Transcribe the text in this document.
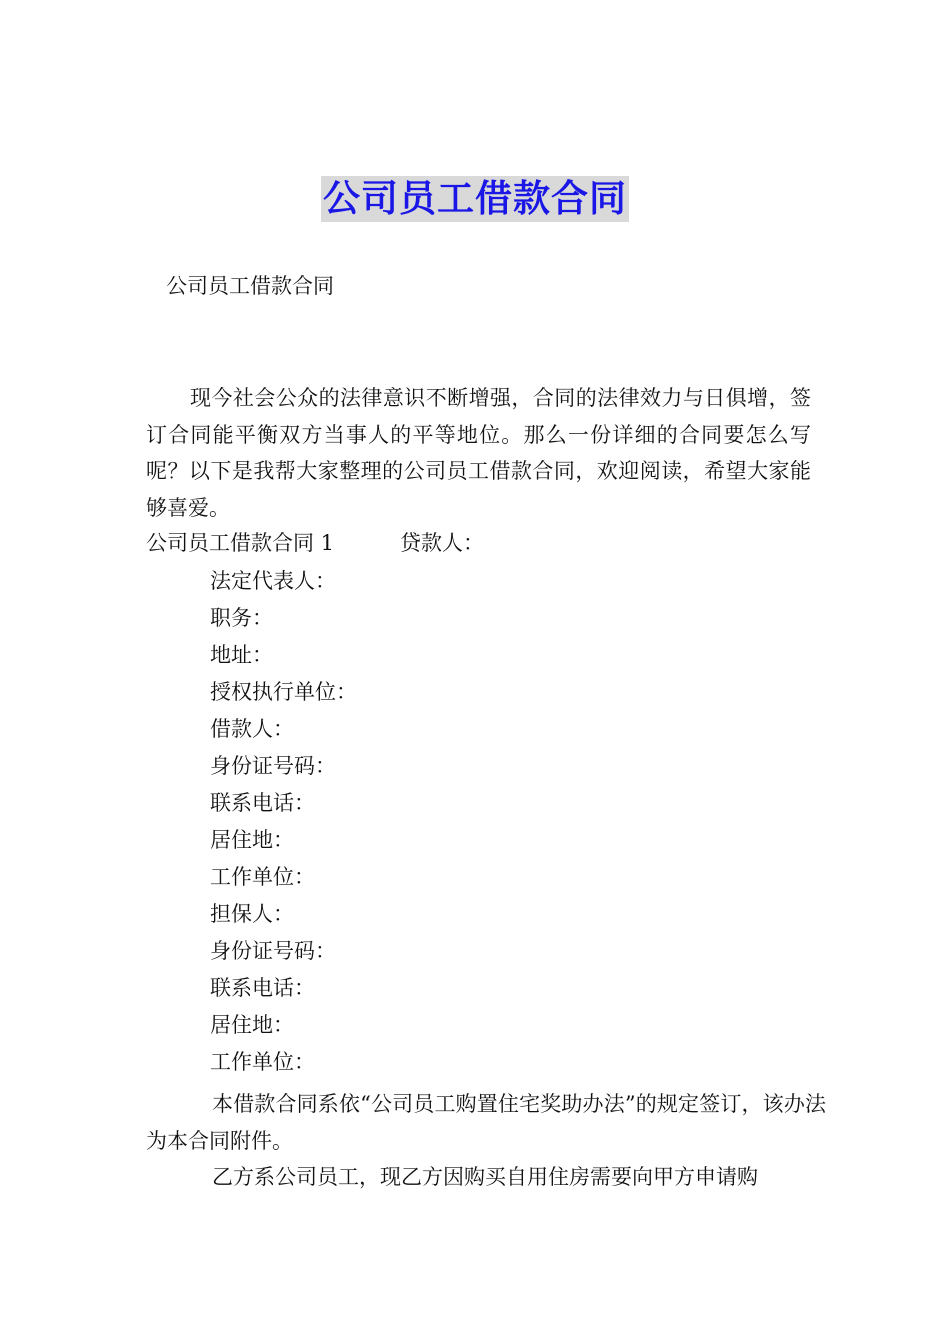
公司员工借款合同
公司员工借款合同

现今社会公众的法律意识不断增强，合同的法律效力与日俱增，签订合同能平衡双方当事人的平等地位。那么一份详细的合同要怎么写呢？以下是我帮大家整理的公司员工借款合同，欢迎阅读，希望大家能够喜爱。

公司员工借款合同 1	贷款人：
法定代表人：
职务：
地址：
授权执行单位：
借款人：
身份证号码：
联系电话：
居住地：
工作单位：
担保人：
身份证号码：
联系电话：
居住地：
工作单位：

本借款合同系依“公司员工购置住宅奖助办法”的规定签订，该办法为本合同附件。

乙方系公司员工，现乙方因购买自用住房需要向甲方申请购
